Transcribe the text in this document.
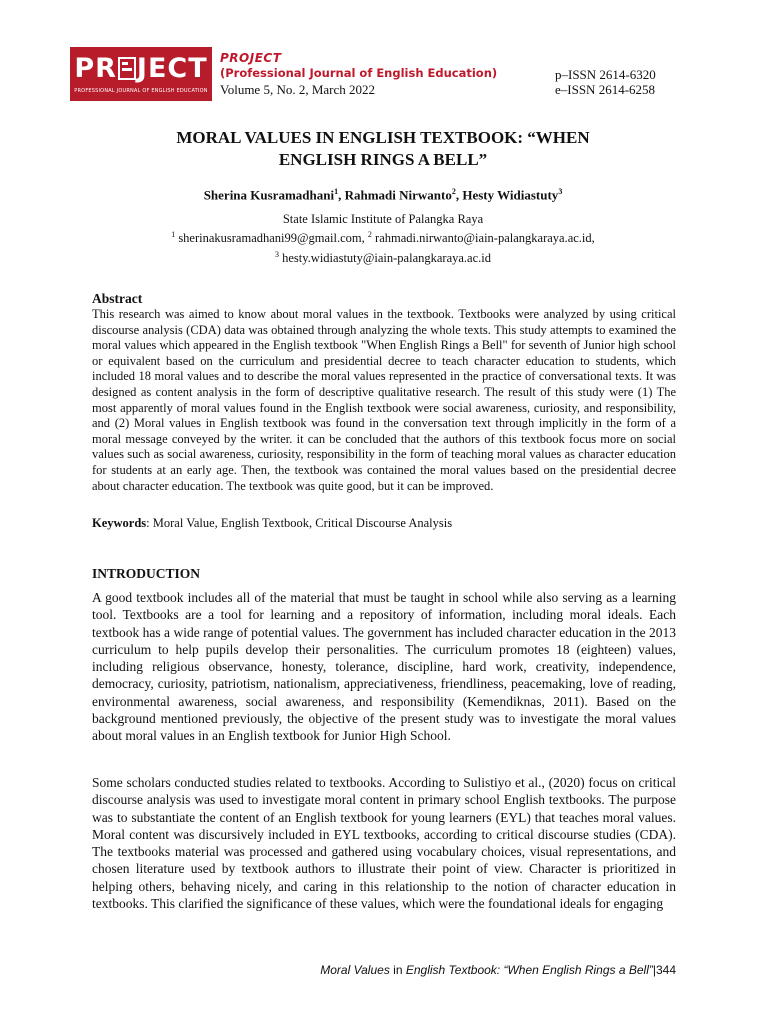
PR JECT
PROFESSIONAL JOURNAL OF ENGLISH EDUCATION
PROJECT
(Professional Journal of English Education)
Volume 5, No. 2, March 2022
p–ISSN 2614-6320
e–ISSN 2614-6258
MORAL VALUES IN ENGLISH TEXTBOOK: “WHEN
ENGLISH RINGS A BELL”
Sherina Kusramadhani$^1$, Rahmadi Nirwanto$^2$, Hesty Widiastuty$^3$
State Islamic Institute of Palangka Raya
$^1$ sherinakusramadhani99@gmail.com, $^2$ rahmadi.nirwanto@iain-palangkaraya.ac.id,
$^3$ hesty.widiastuty@iain-palangkaraya.ac.id
Abstract
This research was aimed to know about moral values in the textbook. Textbooks were analyzed by using critical discourse analysis (CDA) data was obtained through analyzing the whole texts. This study attempts to examined the moral values which appeared in the English textbook "When English Rings a Bell" for seventh of Junior high school or equivalent based on the curriculum and presidential decree to teach character education to students, which included 18 moral values and to describe the moral values represented in the practice of conversational texts. It was designed as content analysis in the form of descriptive qualitative research. The result of this study were (1) The most apparently of moral values found in the English textbook were social awareness, curiosity, and responsibility, and (2) Moral values in English textbook was found in the conversation text through implicitly in the form of a moral message conveyed by the writer. it can be concluded that the authors of this textbook focus more on social values such as social awareness, curiosity, responsibility in the form of teaching moral values as character education for students at an early age. Then, the textbook was contained the moral values based on the presidential decree about character education. The textbook was quite good, but it can be improved.
Keywords: Moral Value, English Textbook, Critical Discourse Analysis
INTRODUCTION
A good textbook includes all of the material that must be taught in school while also serving as a learning tool. Textbooks are a tool for learning and a repository of information, including moral ideals. Each textbook has a wide range of potential values. The government has included character education in the 2013 curriculum to help pupils develop their personalities. The curriculum promotes 18 (eighteen) values, including religious observance, honesty, tolerance, discipline, hard work, creativity, independence, democracy, curiosity, patriotism, nationalism, appreciativeness, friendliness, peacemaking, love of reading, environmental awareness, social awareness, and responsibility (Kemendiknas, 2011). Based on the background mentioned previously, the objective of the present study was to investigate the moral values about moral values in an English textbook for Junior High School.
Some scholars conducted studies related to textbooks. According to Sulistiyo et al., (2020) focus on critical discourse analysis was used to investigate moral content in primary school English textbooks. The purpose was to substantiate the content of an English textbook for young learners (EYL) that teaches moral values. Moral content was discursively included in EYL textbooks, according to critical discourse studies (CDA). The textbooks material was processed and gathered using vocabulary choices, visual representations, and chosen literature used by textbook authors to illustrate their point of view. Character is prioritized in helping others, behaving nicely, and caring in this relationship to the notion of character education in textbooks. This clarified the significance of these values, which were the foundational ideals for engaging
Moral Values in English Textbook: “When English Rings a Bell”|344
